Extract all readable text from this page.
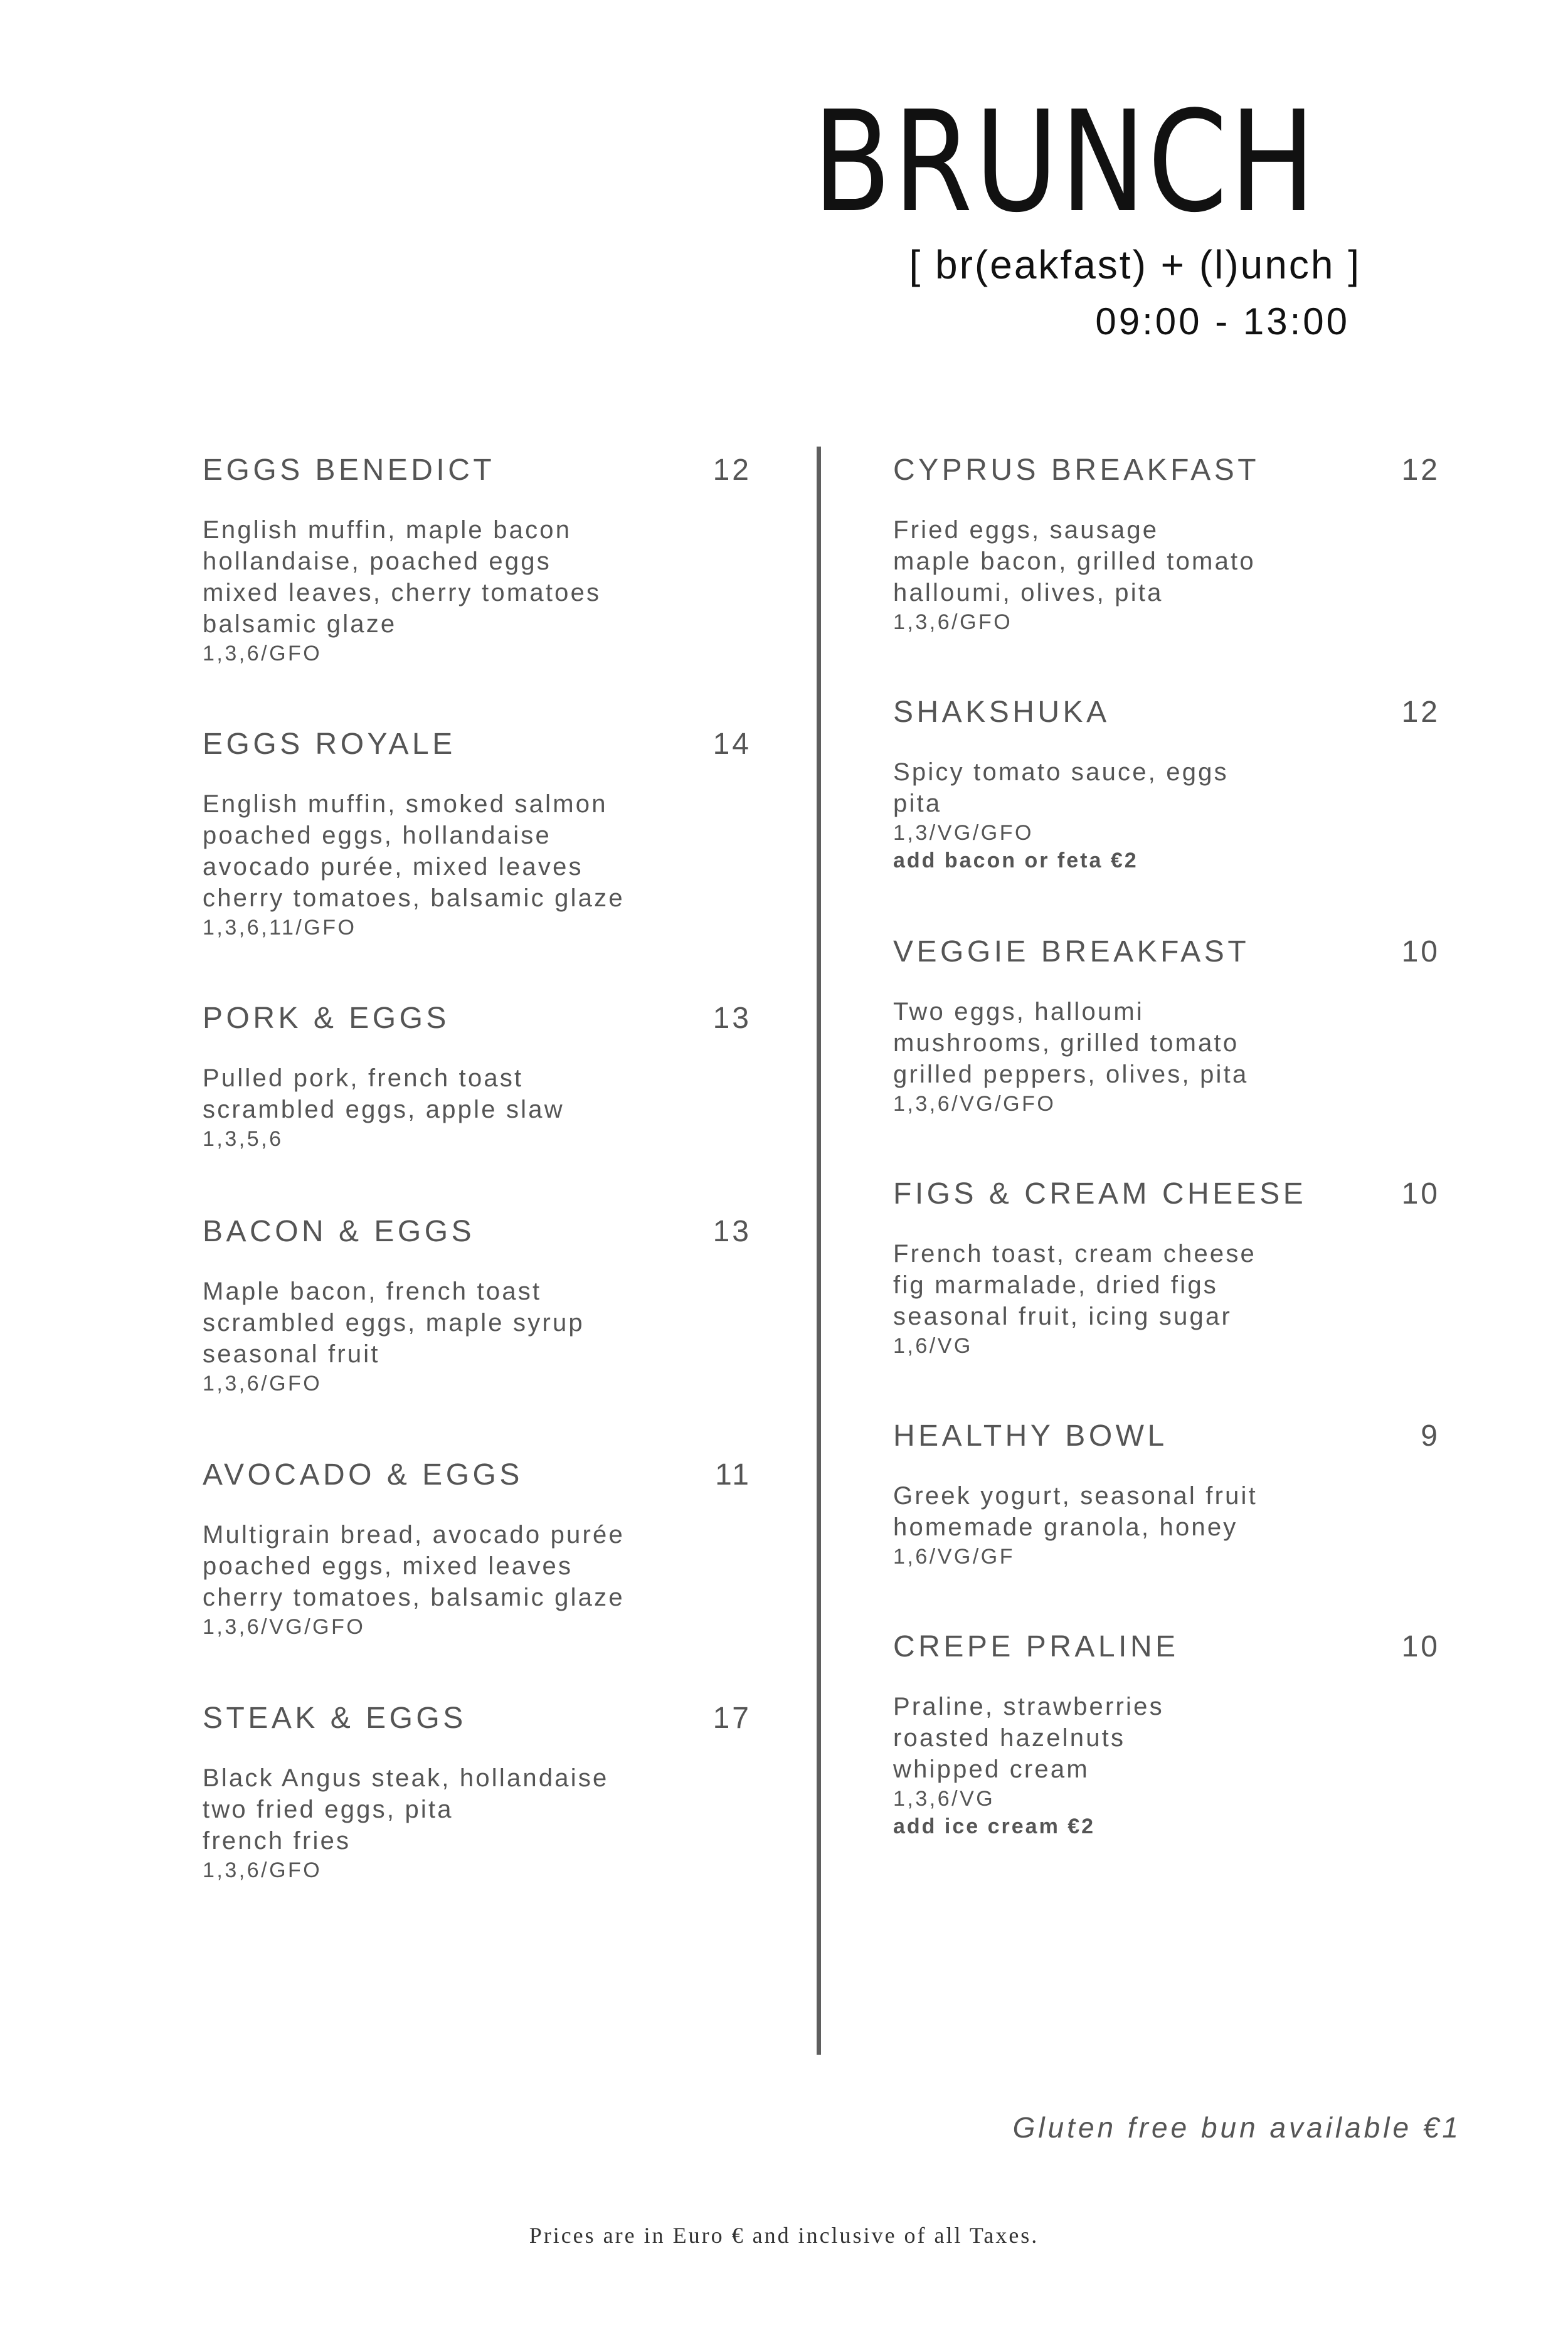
BRUNCH
[ br(eakfast) + (l)unch ]
09:00 - 13:00
EGGS BENEDICT	12
English muffin, maple bacon
hollandaise, poached eggs
mixed leaves, cherry tomatoes
balsamic glaze
1,3,6/GFO
EGGS ROYALE	14
English muffin, smoked salmon
poached eggs, hollandaise
avocado purée, mixed leaves
cherry tomatoes, balsamic glaze
1,3,6,11/GFO
PORK & EGGS	13
Pulled pork, french toast
scrambled eggs, apple slaw
1,3,5,6
BACON & EGGS	13
Maple bacon, french toast
scrambled eggs, maple syrup
seasonal fruit
1,3,6/GFO
AVOCADO & EGGS	11
Multigrain bread, avocado purée
poached eggs, mixed leaves
cherry tomatoes, balsamic glaze
1,3,6/VG/GFO
STEAK & EGGS	17
Black Angus steak, hollandaise
two fried eggs, pita
french fries
1,3,6/GFO
CYPRUS BREAKFAST	12
Fried eggs, sausage
maple bacon, grilled tomato
halloumi, olives, pita
1,3,6/GFO
SHAKSHUKA	12
Spicy tomato sauce, eggs
pita
1,3/VG/GFO
add bacon or feta €2
VEGGIE BREAKFAST	10
Two eggs, halloumi
mushrooms, grilled tomato
grilled peppers, olives, pita
1,3,6/VG/GFO
FIGS & CREAM CHEESE	10
French toast, cream cheese
fig marmalade, dried figs
seasonal fruit, icing sugar
1,6/VG
HEALTHY BOWL	9
Greek yogurt, seasonal fruit
homemade granola, honey
1,6/VG/GF
CREPE PRALINE	10
Praline, strawberries
roasted hazelnuts
whipped cream
1,3,6/VG
add ice cream €2
Gluten free bun available €1
Prices are in Euro € and inclusive of all Taxes.
